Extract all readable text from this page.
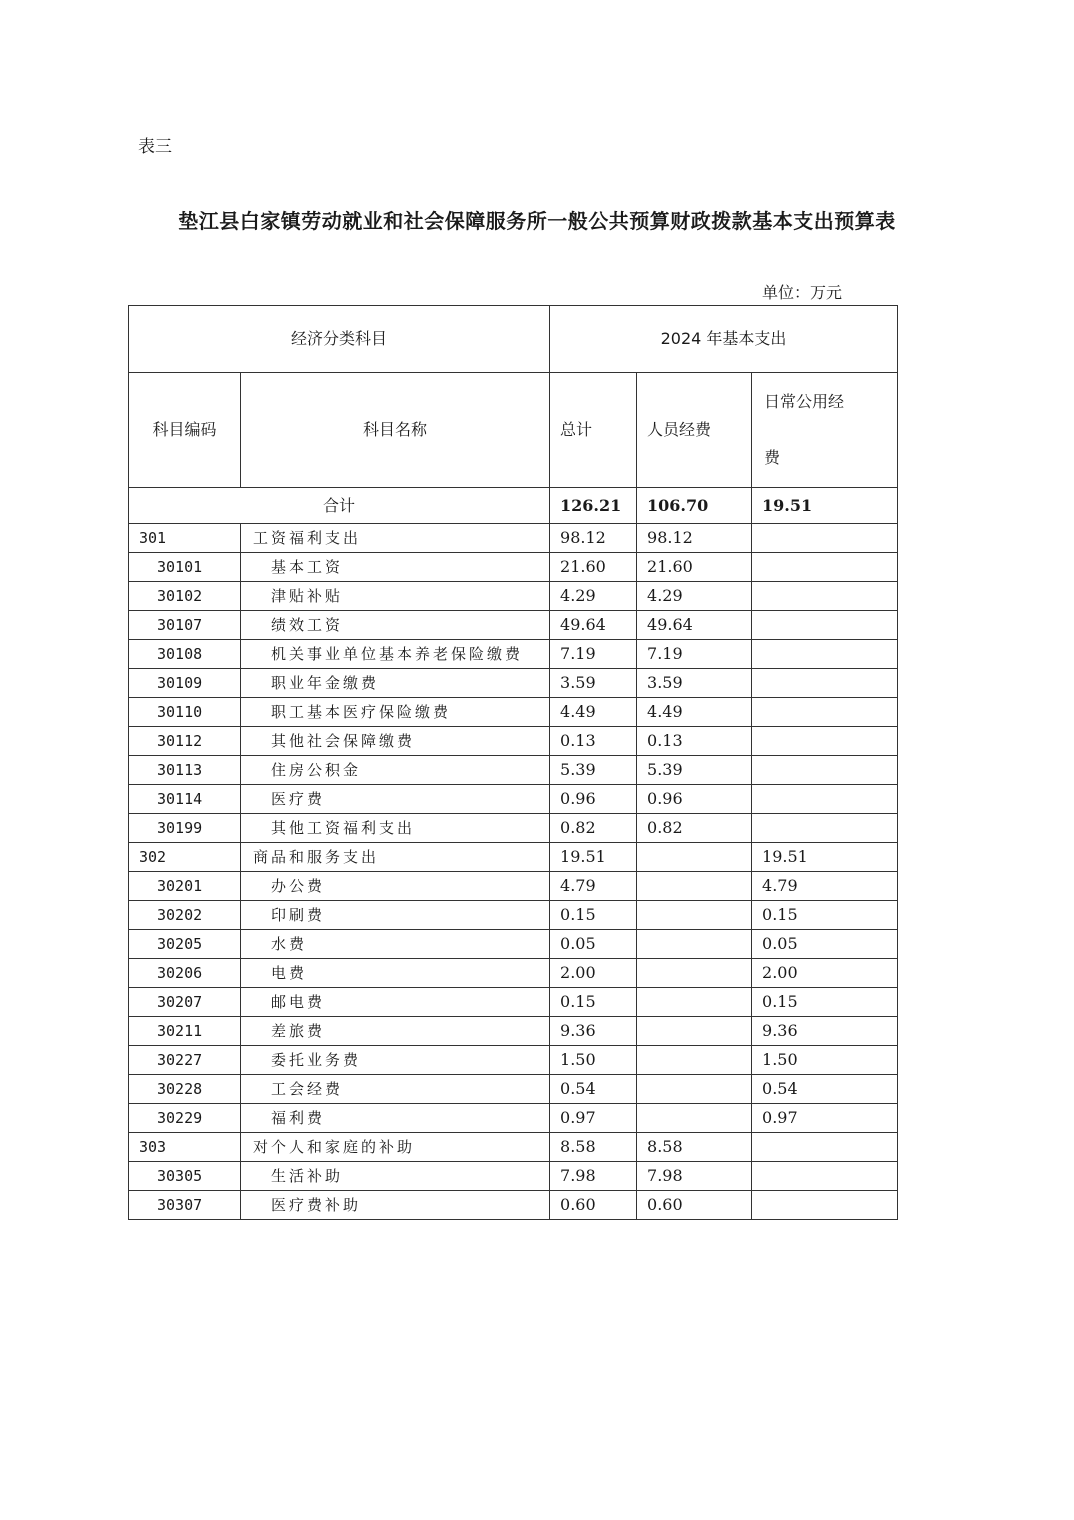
表三
垫江县白家镇劳动就业和社会保障服务所一般公共预算财政拨款基本支出预算表
单位：万元
经济分类科目		2024 年基本支出		
科目编码	科目名称	总计	人员经费	日常公用经
费
合计		126.21	106.70	19.51
301	工资福利支出	98.12	98.12	
30101	基本工资	21.60	21.60	
30102	津贴补贴	4.29	4.29	
30107	绩效工资	49.64	49.64	
30108	机关事业单位基本养老保险缴费	7.19	7.19	
30109	职业年金缴费	3.59	3.59	
30110	职工基本医疗保险缴费	4.49	4.49	
30112	其他社会保障缴费	0.13	0.13	
30113	住房公积金	5.39	5.39	
30114	医疗费	0.96	0.96	
30199	其他工资福利支出	0.82	0.82	
302	商品和服务支出	19.51		19.51
30201	办公费	4.79		4.79
30202	印刷费	0.15		0.15
30205	水费	0.05		0.05
30206	电费	2.00		2.00
30207	邮电费	0.15		0.15
30211	差旅费	9.36		9.36
30227	委托业务费	1.50		1.50
30228	工会经费	0.54		0.54
30229	福利费	0.97		0.97
303	对个人和家庭的补助	8.58	8.58	
30305	生活补助	7.98	7.98	
30307	医疗费补助	0.60	0.60	
